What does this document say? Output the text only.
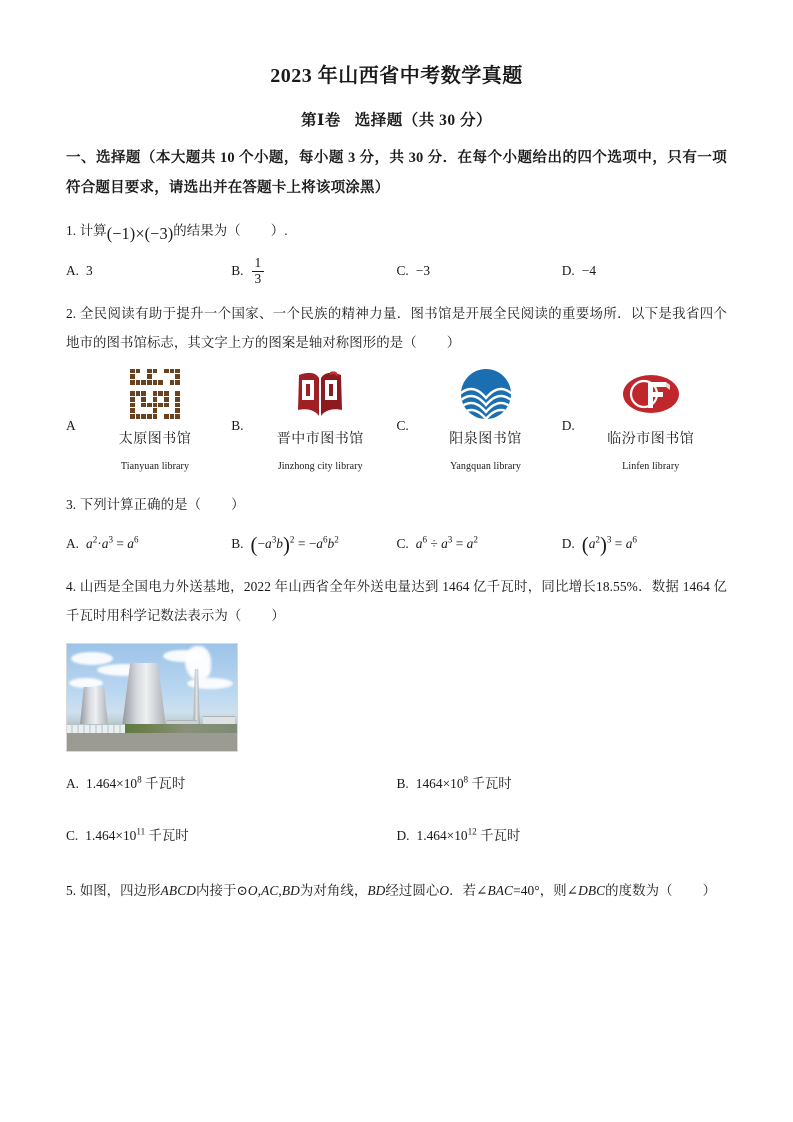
2023 年山西省中考数学真题
第Ⅰ卷 选择题（共 30 分）

一、选择题（本大题共 10 个小题，每小题 3 分，共 30 分．在每个小题给出的四个选项中，只有一项符合题目要求，请选出并在答题卡上将该项涂黑）

1. 计算(−1)×(−3)的结果为（ ）.
A. 3	B. $\frac{1}{3}$	C. −3	D. −4
2. 全民阅读有助于提升一个国家、一个民族的精神力量．图书馆是开展全民阅读的重要场所．以下是我省四个地市的图书馆标志，其文字上方的图案是轴对称图形的是（ ）
A
太原图书馆
Tianyuan library
B.
晋中市图书馆
Jinzhong city library
C.
阳泉图书馆
Yangquan library
D.
临汾市图书馆
Linfen library
3. 下列计算正确的是（ ）
A. $a^2\cdot a^3 = a^6$	B. $(-a^3b)^2 = -a^6b^2$	C. $a^6 \div a^3 = a^2$	D. $(a^2)^3 = a^6$
4. 山西是全国电力外送基地，2022 年山西省全年外送电量达到 1464 亿千瓦时，同比增长18.55%．数据 1464 亿千瓦时用科学记数法表示为（ ）
A. $1.464\times 10^8$ 千瓦时	B. $1464\times 10^8$ 千瓦时
C. $1.464\times 10^{11}$ 千瓦时	D. $1.464\times 10^{12}$ 千瓦时
5. 如图，四边形ABCD内接于⊙O,AC,BD为对角线，BD经过圆心O．若∠BAC=40°，则∠DBC的度数为（ ）
